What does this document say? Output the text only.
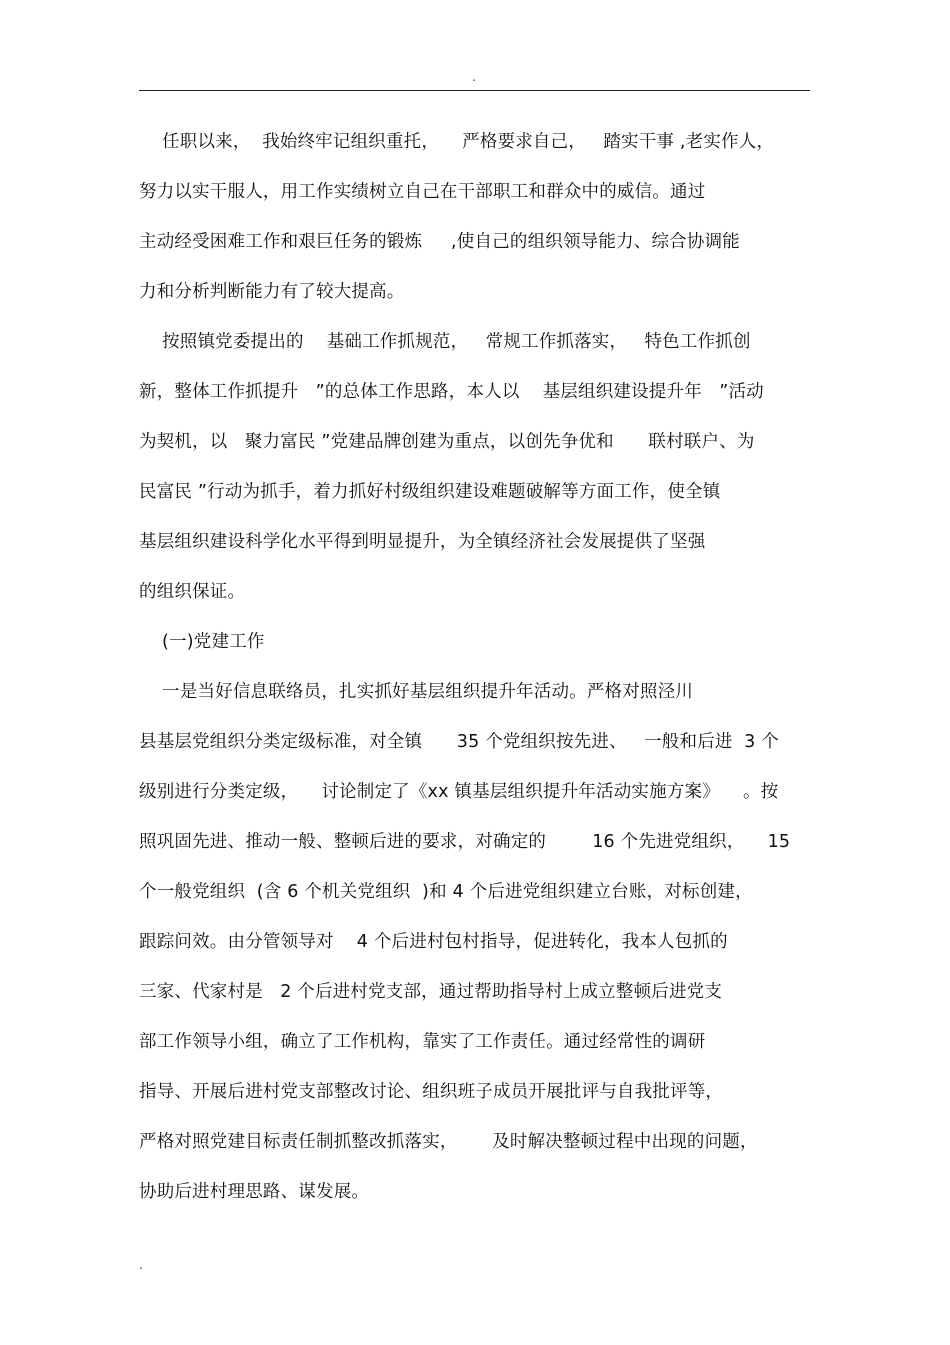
.
任职以来，  我始终牢记组织重托，    严格要求自己，   踏实干事 ,老实作人，
努力以实干服人，用工作实绩树立自己在干部职工和群众中的威信。通过
主动经受困难工作和艰巨任务的锻炼     ,使自己的组织领导能力、综合协调能
力和分析判断能力有了较大提高。
按照镇党委提出的    基础工作抓规范，   常规工作抓落实，   特色工作抓创
新，整体工作抓提升   ”的总体工作思路，本人以    基层组织建设提升年   ”活动
为契机，以   聚力富民 ”党建品牌创建为重点，以创先争优和      联村联户、为
民富民 ”行动为抓手，着力抓好村级组织建设难题破解等方面工作，使全镇
基层组织建设科学化水平得到明显提升，为全镇经济社会发展提供了坚强
的组织保证。
(一)党建工作
一是当好信息联络员，扎实抓好基层组织提升年活动。严格对照泾川
县基层党组织分类定级标准，对全镇      35 个党组织按先进、   一般和后进  3 个
级别进行分类定级，    讨论制定了《xx 镇基层组织提升年活动实施方案》    。按
照巩固先进、推动一般、整顿后进的要求，对确定的        16 个先进党组织，    15
个一般党组织  (含 6 个机关党组织  )和 4 个后进党组织建立台账，对标创建，
跟踪问效。由分管领导对    4 个后进村包村指导，促进转化，我本人包抓的
三家、代家村是   2 个后进村党支部，通过帮助指导村上成立整顿后进党支
部工作领导小组，确立了工作机构，靠实了工作责任。通过经常性的调研
指导、开展后进村党支部整改讨论、组织班子成员开展批评与自我批评等，
严格对照党建目标责任制抓整改抓落实，      及时解决整顿过程中出现的问题，
协助后进村理思路、谋发展。
.
